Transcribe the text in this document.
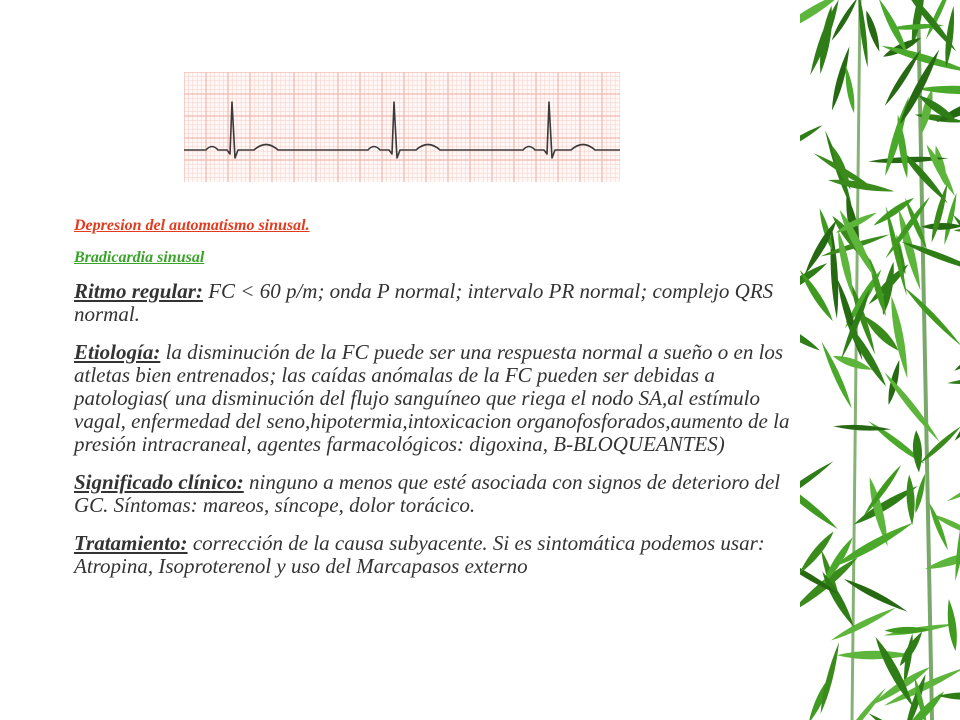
Depresion del automatismo sinusal.
Bradicardia sinusal
Ritmo regular: FC < 60 p/m; onda P normal; intervalo PR normal; complejo QRS normal.
Etiología: la disminución de la FC puede ser una respuesta normal a sueño o en los atletas bien entrenados; las caídas anómalas de la FC pueden ser debidas a patologias( una disminución del flujo sanguíneo que riega el nodo SA,al estímulo vagal, enfermedad del seno,hipotermia,intoxicacion organofosforados,aumento de la presión intracraneal, agentes farmacológicos: digoxina, B-BLOQUEANTES)
Significado clínico: ninguno a menos que esté asociada con signos de deterioro del GC. Síntomas: mareos, síncope, dolor torácico.
Tratamiento: corrección de la causa subyacente. Si es sintomática podemos usar: Atropina, Isoproterenol y uso del Marcapasos externo
